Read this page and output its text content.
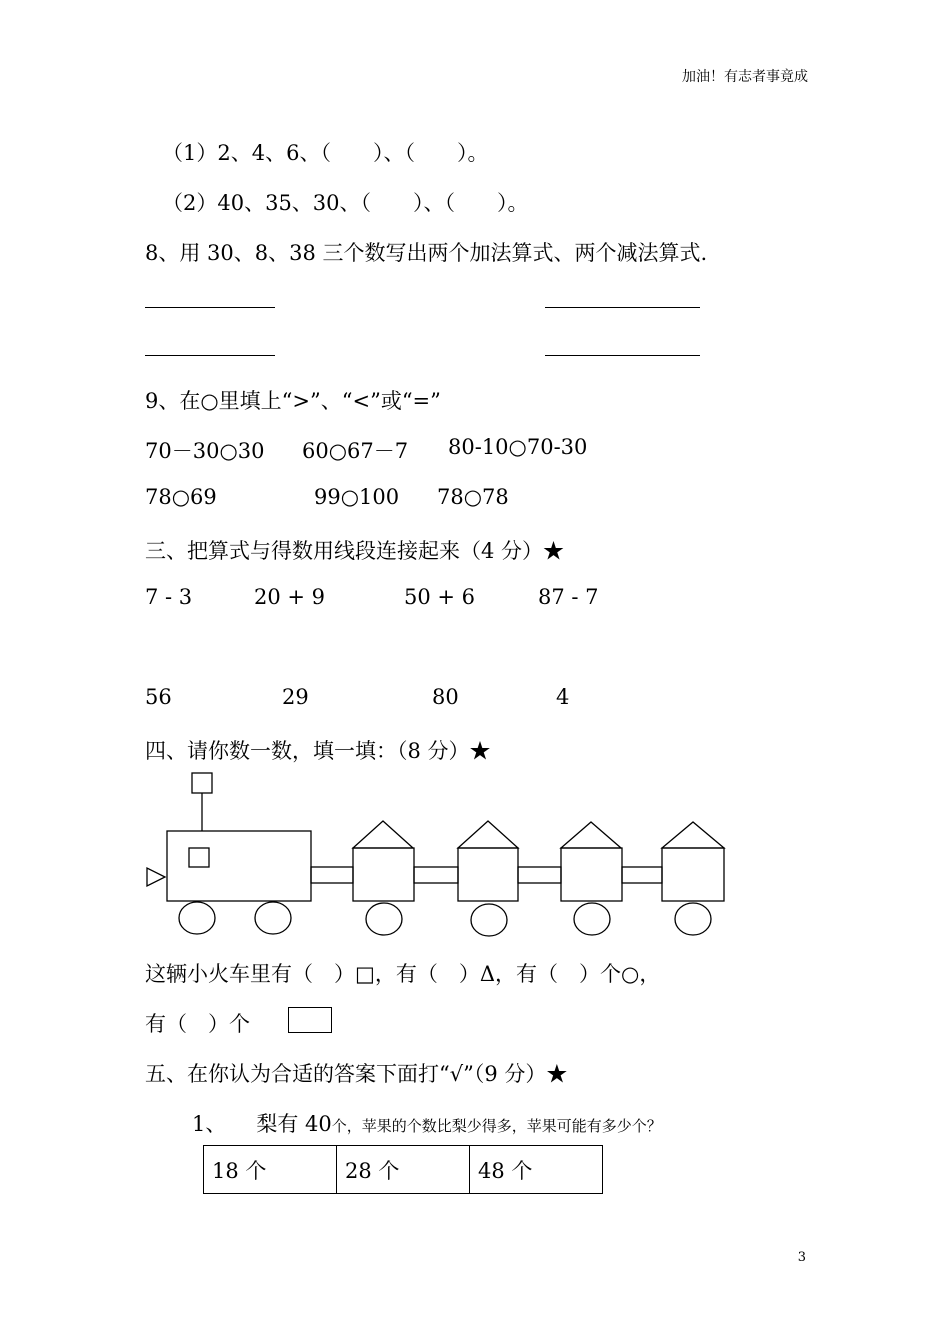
加油！有志者事竟成
（1）2、4、6、（　　）、（　　）。
（2）40、35、30、（　　）、（　　）。
8、用 30、8、38 三个数写出两个加法算式、两个减法算式.
9、在○里填上“>”、“<”或“=”
70－30○30 60○67－7 80-10○70-30
78○69	99○100 78○78
三、把算式与得数用线段连接起来（4 分）★
7 - 3	20 + 9	50 + 6	87 - 7
56	29	80	4
四、请你数一数，填一填：（8 分）★
这辆小火车里有（　）□，有（　）Δ，有（　）个○，
有（　）个
五、在你认为合适的答案下面打“√”（9 分）★
1、 梨有 40个，苹果的个数比梨少得多，苹果可能有多少个？
18 个	28 个	48 个
3
